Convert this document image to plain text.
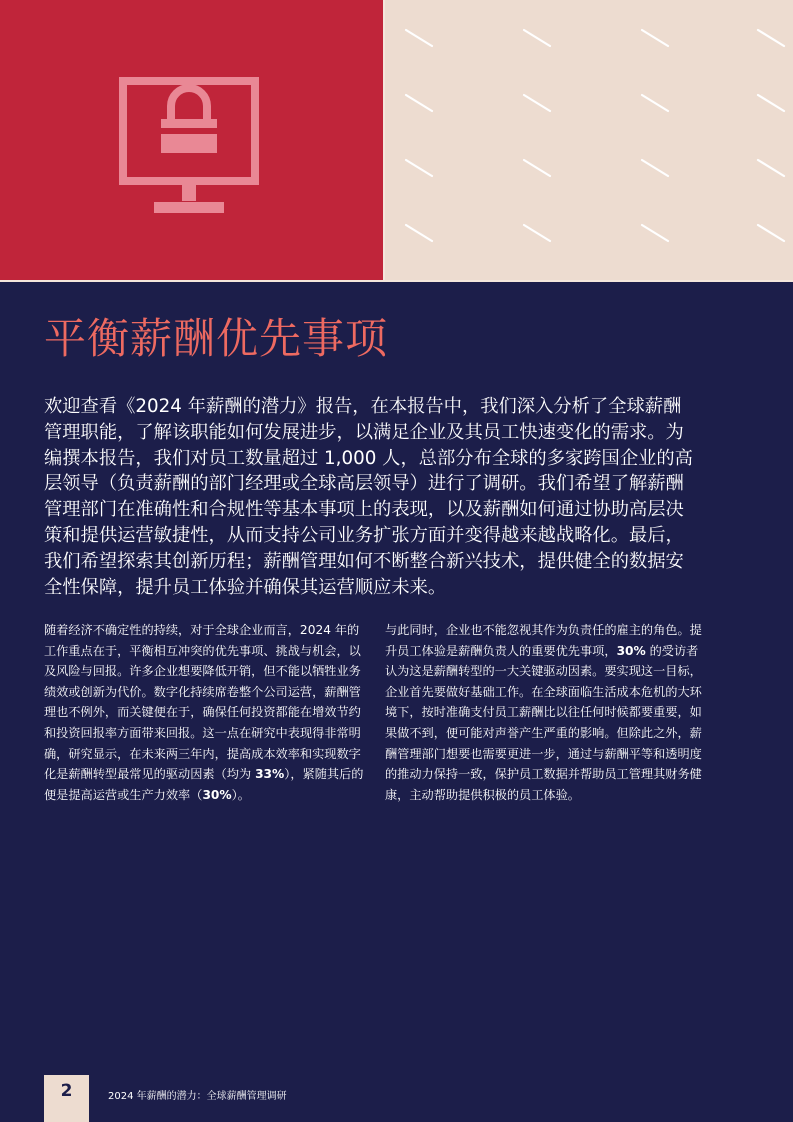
平衡薪酬优先事项

欢迎查看《2024 年薪酬的潜力》报告，在本报告中，我们深入分析了全球薪酬管理职能，了解该职能如何发展进步，以满足企业及其员工快速变化的需求。为编撰本报告，我们对员工数量超过 1,000 人，总部分布全球的多家跨国企业的高层领导（负责薪酬的部门经理或全球高层领导）进行了调研。我们希望了解薪酬管理部门在准确性和合规性等基本事项上的表现，以及薪酬如何通过协助高层决策和提供运营敏捷性，从而支持公司业务扩张方面并变得越来越战略化。最后，我们希望探索其创新历程；薪酬管理如何不断整合新兴技术，提供健全的数据安全性保障，提升员工体验并确保其运营顺应未来。

随着经济不确定性的持续，对于全球企业而言，2024 年的工作重点在于，平衡相互冲突的优先事项、挑战与机会，以及风险与回报。许多企业想要降低开销，但不能以牺牲业务绩效或创新为代价。数字化持续席卷整个公司运营，薪酬管理也不例外，而关键便在于，确保任何投资都能在增效节约和投资回报率方面带来回报。这一点在研究中表现得非常明确，研究显示，在未来两三年内，提高成本效率和实现数字化是薪酬转型最常见的驱动因素（均为 33%），紧随其后的便是提高运营或生产力效率（30%）。

与此同时，企业也不能忽视其作为负责任的雇主的角色。提升员工体验是薪酬负责人的重要优先事项，30% 的受访者认为这是薪酬转型的一大关键驱动因素。要实现这一目标，企业首先要做好基础工作。在全球面临生活成本危机的大环境下，按时准确支付员工薪酬比以往任何时候都要重要，如果做不到，便可能对声誉产生严重的影响。但除此之外，薪酬管理部门想要也需要更进一步，通过与薪酬平等和透明度的推动力保持一致，保护员工数据并帮助员工管理其财务健康，主动帮助提供积极的员工体验。

2	2024 年薪酬的潜力：全球薪酬管理调研
